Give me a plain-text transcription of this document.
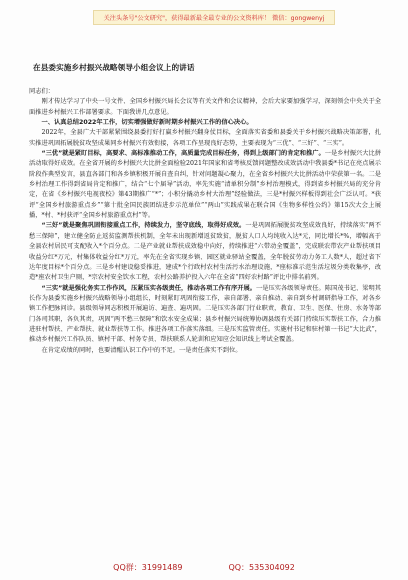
关注头条号"公文研究"，获得最新最全最专业的公文资料库！ 微信：gongwenyj
在县委实施乡村振兴战略领导小组会议上的讲话

同志们：

刚才传达学习了中央一号文件、全国乡村振兴局长会议等有关文件和会议精神，会后大家要加强学习，深刻领会中央关于全面推进乡村振兴工作部署要求。下面我讲几点意见。

一、认真总结2022年工作，切实增强做好新时期乡村振兴工作的信心决心。

2022年，全县广大干部紧紧围绕县委打好打赢乡村振兴翻身仗目标，全面落实省委和县委关于乡村振兴战略决策部署，扎实推进巩固拓展脱贫攻坚成果同乡村振兴有效衔接，各项工作呈现良好态势，主要表现为“三优”、“三好”、“三实”。

“三优”就是紧盯目标，高要求、高标准推动工作，高质量完成目标任务，得到上级部门的肯定和推广。一是乡村振兴大比拼活动取得好成效。在全省开展的乡村振兴大比拼全面检验2021年国家和省考核反馈问题整改成效活动中我县委*书记在亮点展示阶段作典型发言，县直各部门和各乡镇积极开展自查自纠，针对问题凝心聚力，在全省乡村振兴大比拼活动中荣获第一名。二是乡村治理工作得到省局肯定和推广，结合“七个届导”活动，率先实施“清单积分制”乡村治理模式，得到省乡村振兴局的充分肯定，在省《乡村振兴电视夜校》第43期推广“*”；小积分撬动乡村大治理”经验做法，三是*村振兴样板得到社会广泛认可。*获评“全国乡村旅游重点乡”“第十批全国民族团结进步示范单位”“两山”实践成果在联合国《生物多样性公约》第15次大会上展播，*村、*村获评“全国乡村旅游重点村”等。

“三好”就是聚焦巩固衔接重点工作，持续发力，坚守底线，取得好成效。一是巩固拓展脱贫攻坚成效良好，持续落实“两不愁三保障”，建立健全防止返贫监测帮扶机制，全年未出现新增返贫致贫，脱贫人口人均纯收入达*元，同比增长*%，增幅高于全县农村居民可支配收入*个百分点。二是产业就业帮扶成效稳中向好，持续推进“六带动全覆盖”，完成联农带农产业帮扶项目收益分红*万元，村集体收益分红*万元，率先在全省实现乡镇、园区就业驿站全覆盖，全年脱贫劳动力务工人数*人，超过省下达年度目标*个百分点。三是乡村建设稳妥推进，建成*个行政村农村生活污水治理设施，*座标准示范生活垃圾分类收集亭，改造*座农村卫生户厕，*宗农村安全饮水工程，农村公路养护投入六年在全省“四好农村路”评比中排名前列。

“三实”就是强化务实工作作风，压紧压实各级责任，推动各项工作有序开展。一是压实各级领导责任。陈国茂书记、梁明其长作为县委实施乡村振兴战略领导小组组长，时刻紧盯巩固衔接工作，亲自部署、亲自推动、亲自到乡村调研指导工作，对各乡镇工作把脉问诊。县级领导同志积极开展遍访、遍查、遍巩固。二是压实各部门行业职责，教育、卫生、医保、住房、水务等部门各司其职，各负其责，巩固“两不愁三保障”和饮水安全成果；县乡村振兴局统筹协调县级有关部门持续压实帮扶工作，合力推进驻村帮扶、产业帮扶、就业帮扶等工作。推进各项工作落实落细。三是压实监管责任。实施村书记和驻村第一书记“大比武”，推动乡村振兴工作队员、镇村干部、村务专员、帮扶联系人轮训和应知应会知识线上考试全覆盖。

在肯定成绩的同时，也要清醒认识工作中的不足。一是责任落实不到位。

QQ群：31991489	QQ：535304092
